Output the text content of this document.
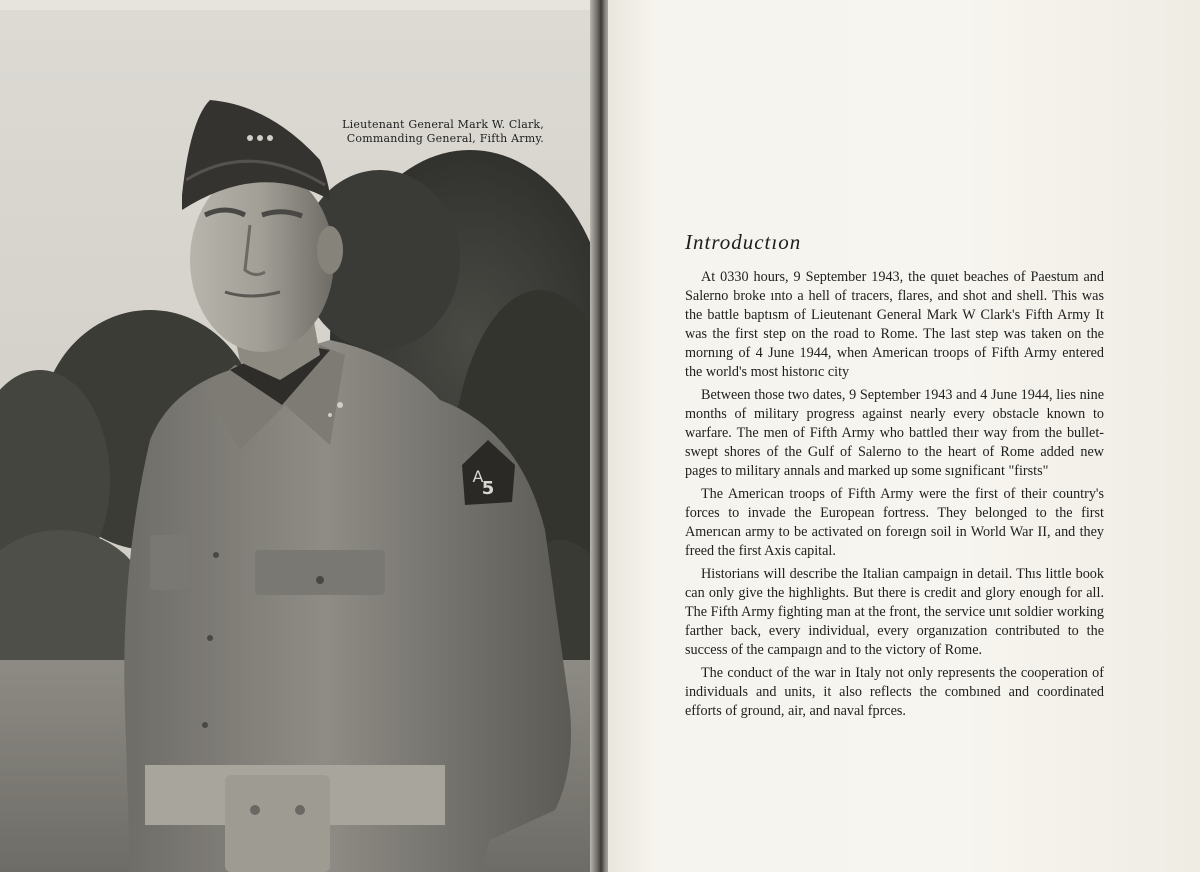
5
A
Lieutenant General Mark W. Clark,
Commanding General, Fifth Army.
Introductıon

At 0330 hours, 9 September 1943, the quıet beaches of Paestum and Salerno broke ınto a hell of tracers, flares, and shot and shell. This was the battle baptısm of Lieutenant General Mark W Clark's Fifth Army It was the first step on the road to Rome. The last step was taken on the mornıng of 4 June 1944, when American troops of Fifth Army entered the world's most historıc city

Between those two dates, 9 September 1943 and 4 June 1944, lies nine months of military progress against nearly every obstacle known to warfare. The men of Fifth Army who battled theır way from the bullet-swept shores of the Gulf of Salerno to the heart of Rome added new pages to military annals and marked up some sıgnificant "firsts"

The American troops of Fifth Army were the first of their country's forces to invade the European fortress. They belonged to the first Amerıcan army to be activated on foreıgn soil in World War II, and they freed the first Axis capital.

Historians will describe the Italian campaign in detail. Thıs little book can only give the highlights. But there is credit and glory enough for all. The Fifth Army fighting man at the front, the service unıt soldier working farther back, every individual, every organızation contributed to the success of the campaıgn and to the victory of Rome.

The conduct of the war in Italy not only represents the cooperation of individuals and units, it also reflects the combıned and coordinated efforts of ground, air, and naval fprces.
